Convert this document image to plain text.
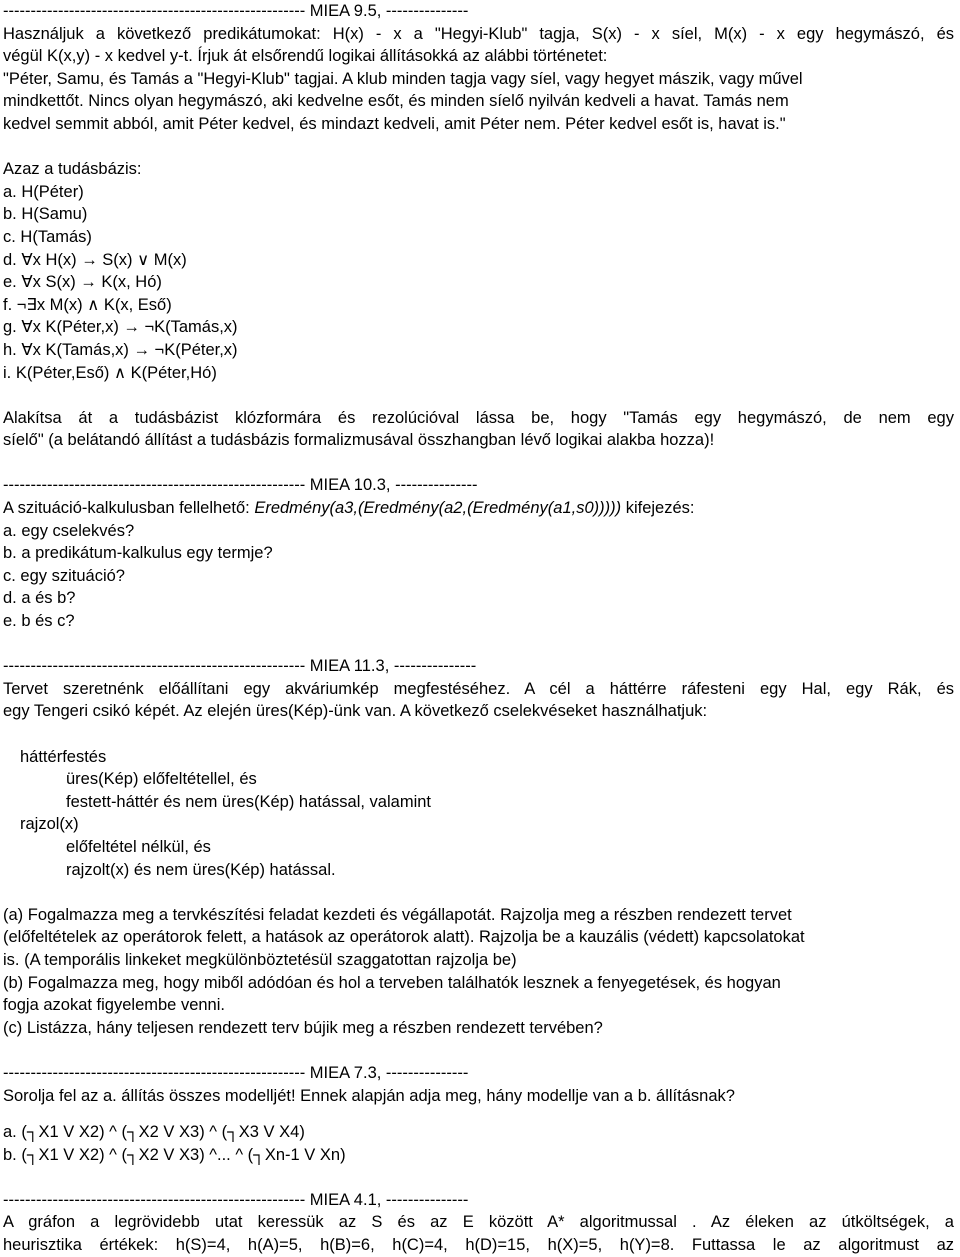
------------------------------------------------------- MIEA 9.5, ---------------
Használjuk a következő predikátumokat: H(x) - x a "Hegyi-Klub" tagja, S(x) - x síel, M(x) - x egy hegymászó, és
végül K(x,y) - x kedvel y-t. Írjuk át elsőrendű logikai állításokká az alábbi történetet:
"Péter, Samu, és Tamás a "Hegyi-Klub" tagjai. A klub minden tagja vagy síel, vagy hegyet mászik, vagy művel
mindkettőt. Nincs olyan hegymászó, aki kedvelne esőt, és minden síelő nyilván kedveli a havat. Tamás nem
kedvel semmit abból, amit Péter kedvel, és mindazt kedveli, amit Péter nem. Péter kedvel esőt is, havat is."
Azaz a tudásbázis:
a. H(Péter)
b. H(Samu)
c. H(Tamás)
d. ∀x H(x) → S(x) ∨ M(x)
e. ∀x S(x) → K(x, Hó)
f. ¬∃x M(x) ∧ K(x, Eső)
g. ∀x K(Péter,x) → ¬K(Tamás,x)
h. ∀x K(Tamás,x) → ¬K(Péter,x)
i. K(Péter,Eső) ∧ K(Péter,Hó)
Alakítsa át a tudásbázist klózformára és rezolúcióval lássa be, hogy "Tamás egy hegymászó, de nem egy
síelő" (a belátandó állítást a tudásbázis formalizmusával összhangban lévő logikai alakba hozza)!
------------------------------------------------------- MIEA 10.3, ---------------
A szituáció-kalkulusban fellelhető: Eredmény(a3,(Eredmény(a2,(Eredmény(a1,s0))))) kifejezés:
a. egy cselekvés?
b. a predikátum-kalkulus egy termje?
c. egy szituáció?
d. a és b?
e. b és c?
------------------------------------------------------- MIEA 11.3, ---------------
Tervet szeretnénk előállítani egy akváriumkép megfestéséhez. A cél a háttérre ráfesteni egy Hal, egy Rák, és
egy Tengeri csikó képét. Az elején üres(Kép)-ünk van. A következő cselekvéseket használhatjuk:
háttérfestés
üres(Kép) előfeltétellel, és
festett-háttér és nem üres(Kép) hatással, valamint
rajzol(x)
előfeltétel nélkül, és
rajzolt(x) és nem üres(Kép) hatással.
(a) Fogalmazza meg a tervkészítési feladat kezdeti és végállapotát. Rajzolja meg a részben rendezett tervet
(előfeltételek az operátorok felett, a hatások az operátorok alatt). Rajzolja be a kauzális (védett) kapcsolatokat
is. (A temporális linkeket megkülönböztetésül szaggatottan rajzolja be)
(b) Fogalmazza meg, hogy miből adódóan és hol a terveben találhatók lesznek a fenyegetések, és hogyan
fogja azokat figyelembe venni.
(c) Listázza, hány teljesen rendezett terv bújik meg a részben rendezett tervében?
------------------------------------------------------- MIEA 7.3, ---------------
Sorolja fel az a. állítás összes modelljét! Ennek alapján adja meg, hány modellje van a b. állításnak?
a. (┐X1 V X2) ^ (┐X2 V X3) ^ (┐X3 V X4)
b. (┐X1 V X2) ^ (┐X2 V X3) ^... ^ (┐Xn-1 V Xn)
------------------------------------------------------- MIEA 4.1, ---------------
A gráfon a legrövidebb utat keressük az S és az E között A* algoritmussal . Az éleken az útköltségek, a
heurisztika értékek: h(S)=4, h(A)=5, h(B)=6, h(C)=4, h(D)=15, h(X)=5, h(Y)=8. Futtassa le az algoritmust az
